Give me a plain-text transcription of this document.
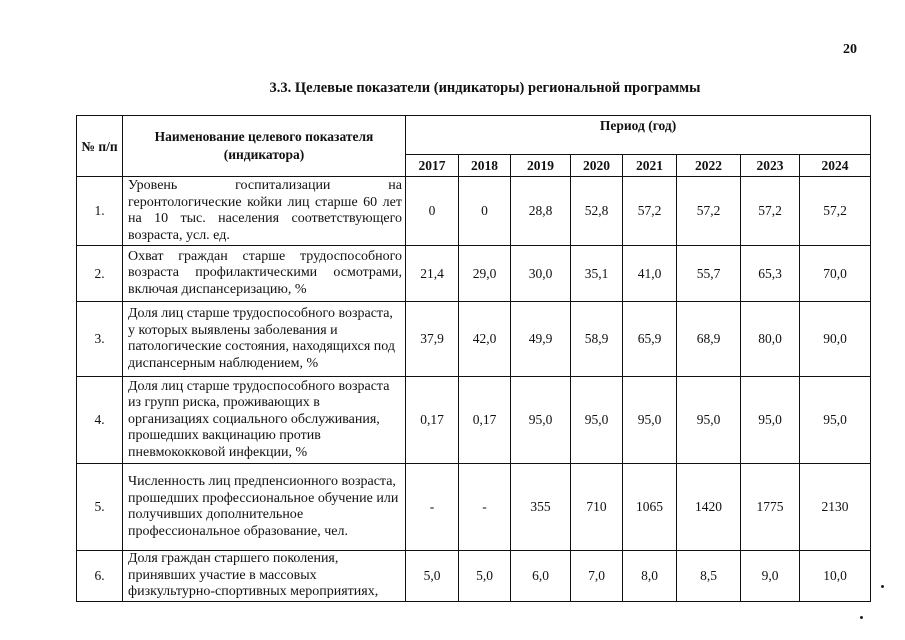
20
3.3. Целевые показатели (индикаторы) региональной программы
№ п/п	Наименование целевого показателя (индикатора)	Период (год)							
		2017	2018	2019	2020	2021	2022	2023	2024
1.	Уровень госпитализации на геронтологические койки лиц старше 60 лет на 10 тыс. населения соответствующего возраста, усл. ед.	0	0	28,8	52,8	57,2	57,2	57,2	57,2
2.	Охват граждан старше трудоспособного возраста профилактическими осмотрами, включая диспансеризацию, %	21,4	29,0	30,0	35,1	41,0	55,7	65,3	70,0
3.	Доля лиц старше трудоспособного возраста, у которых выявлены заболевания и патологические состояния, находящихся под диспансерным наблюдением, %	37,9	42,0	49,9	58,9	65,9	68,9	80,0	90,0
4.	Доля лиц старше трудоспособного возраста из групп риска, проживающих в организациях социального обслуживания, прошедших вакцинацию против пневмококковой инфекции, %	0,17	0,17	95,0	95,0	95,0	95,0	95,0	95,0
5.	Численность лиц предпенсионного возраста, прошедших профессиональное обучение или получивших дополнительное профессиональное образование, чел.	-	-	355	710	1065	1420	1775	2130
6.	Доля граждан старшего поколения, принявших участие в массовых физкультурно-спортивных мероприятиях,	5,0	5,0	6,0	7,0	8,0	8,5	9,0	10,0
